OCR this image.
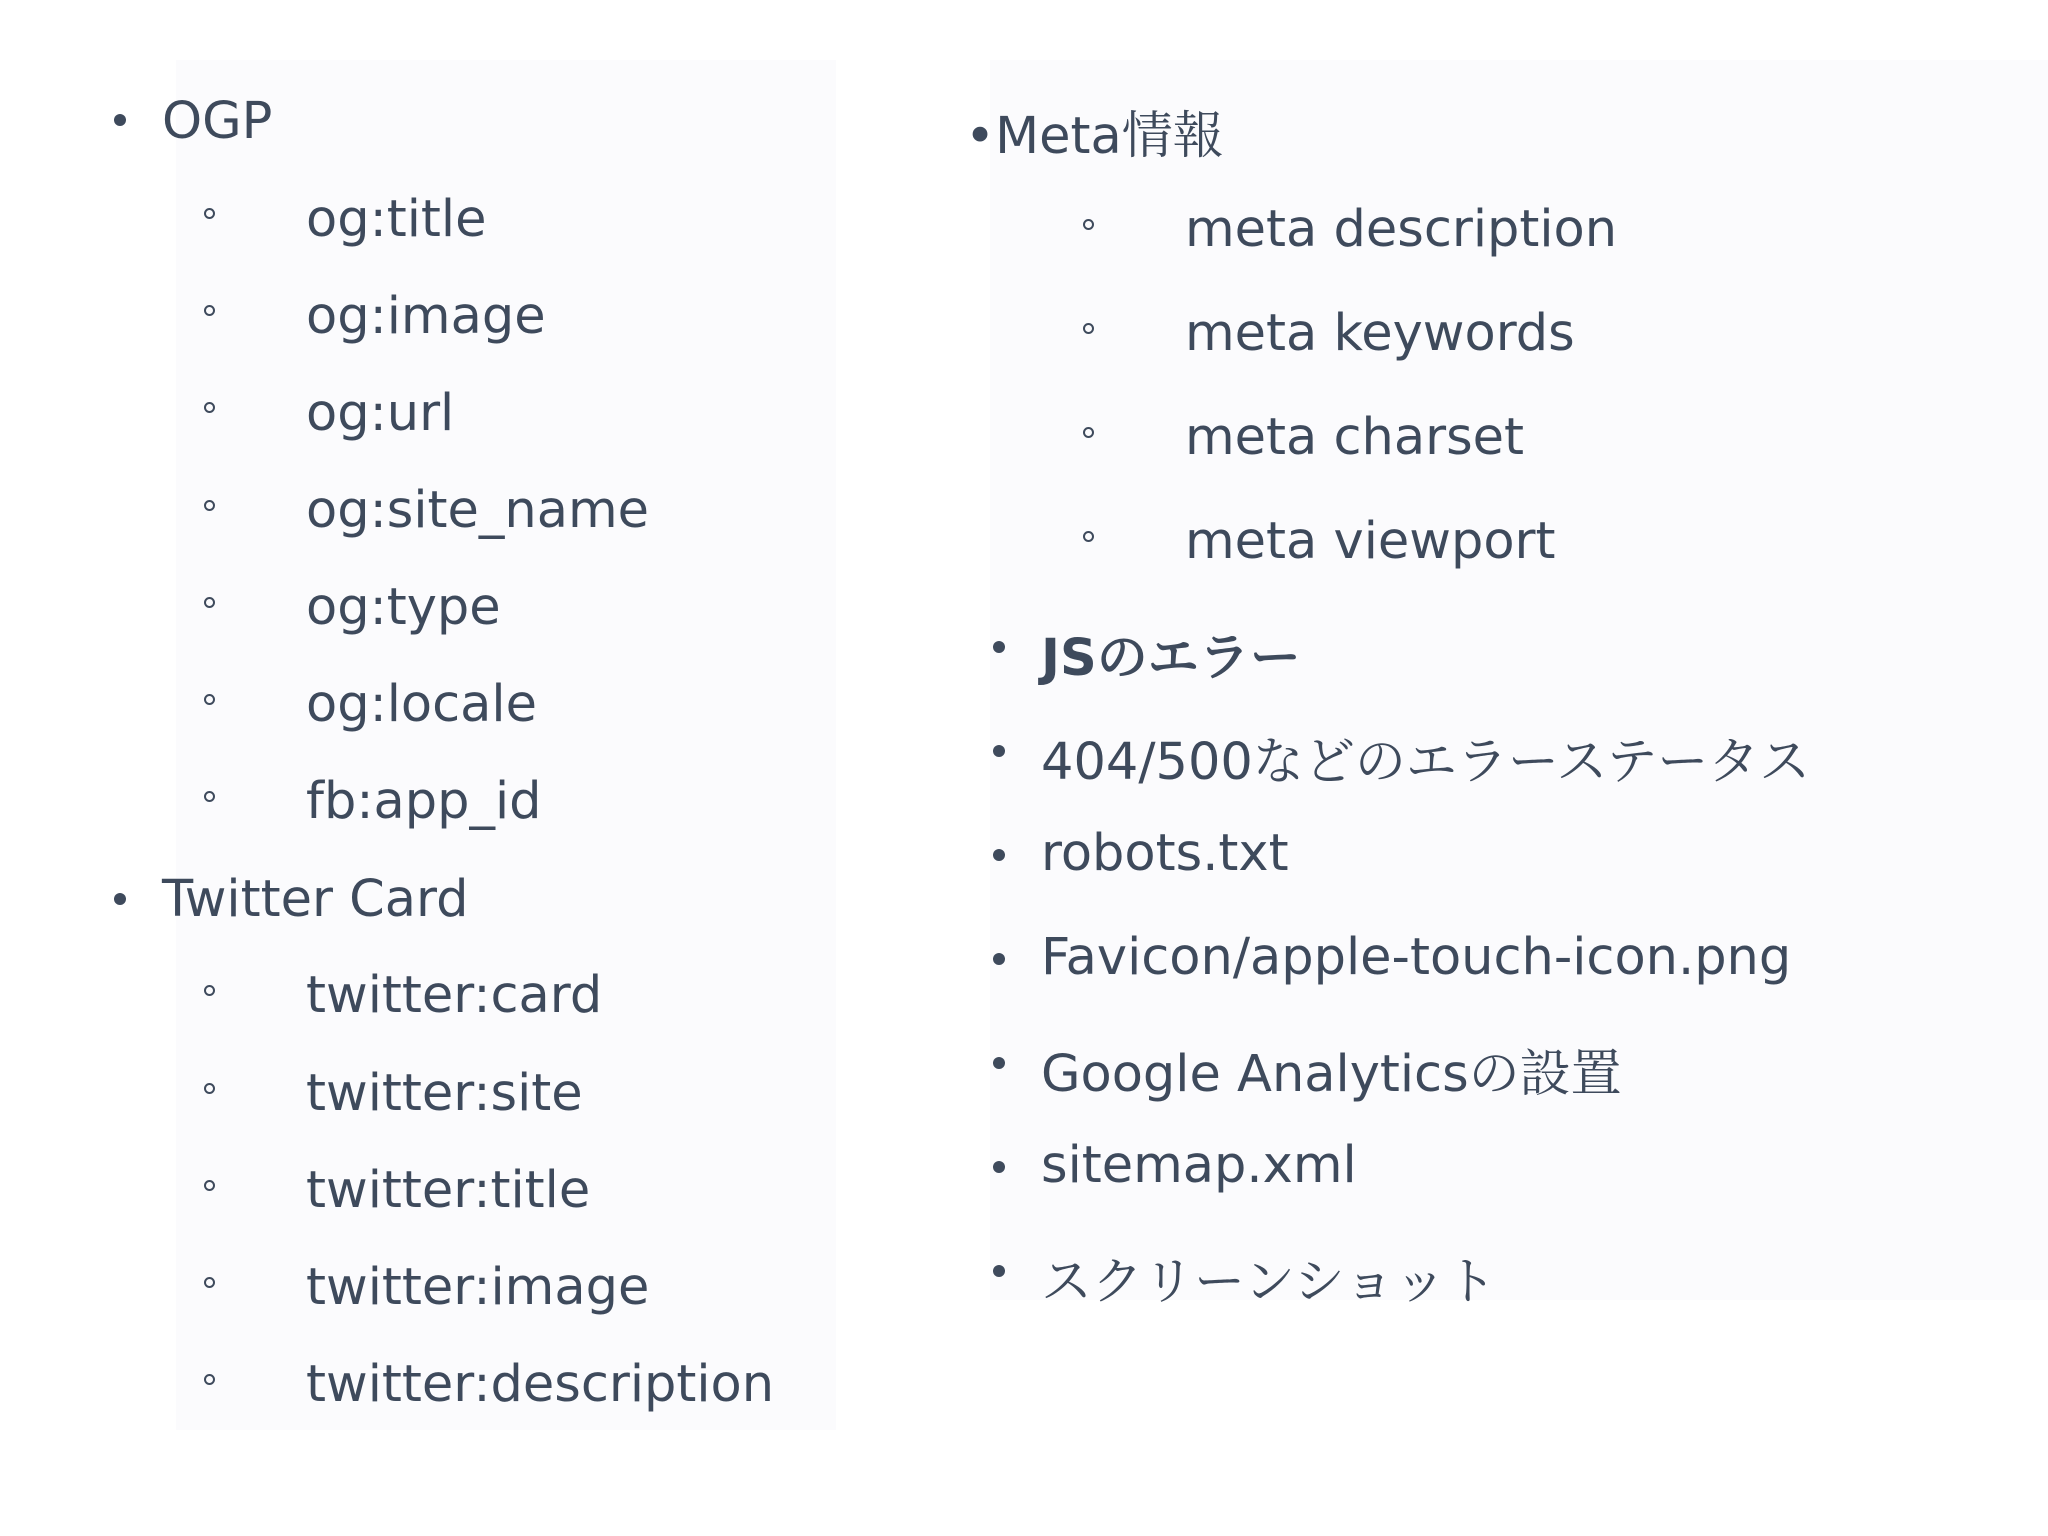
OGP
og:title
og:image
og:url
og:site_name
og:type
og:locale
fb:app_id
Twitter Card
twitter:card
twitter:site
twitter:title
twitter:image
twitter:description
•Meta情報
meta description
meta keywords
meta charset
meta viewport
JSのエラー
404/500などのエラーステータス
robots.txt
Favicon/apple-touch-icon.png
Google Analyticsの設置
sitemap.xml
スクリーンショット
